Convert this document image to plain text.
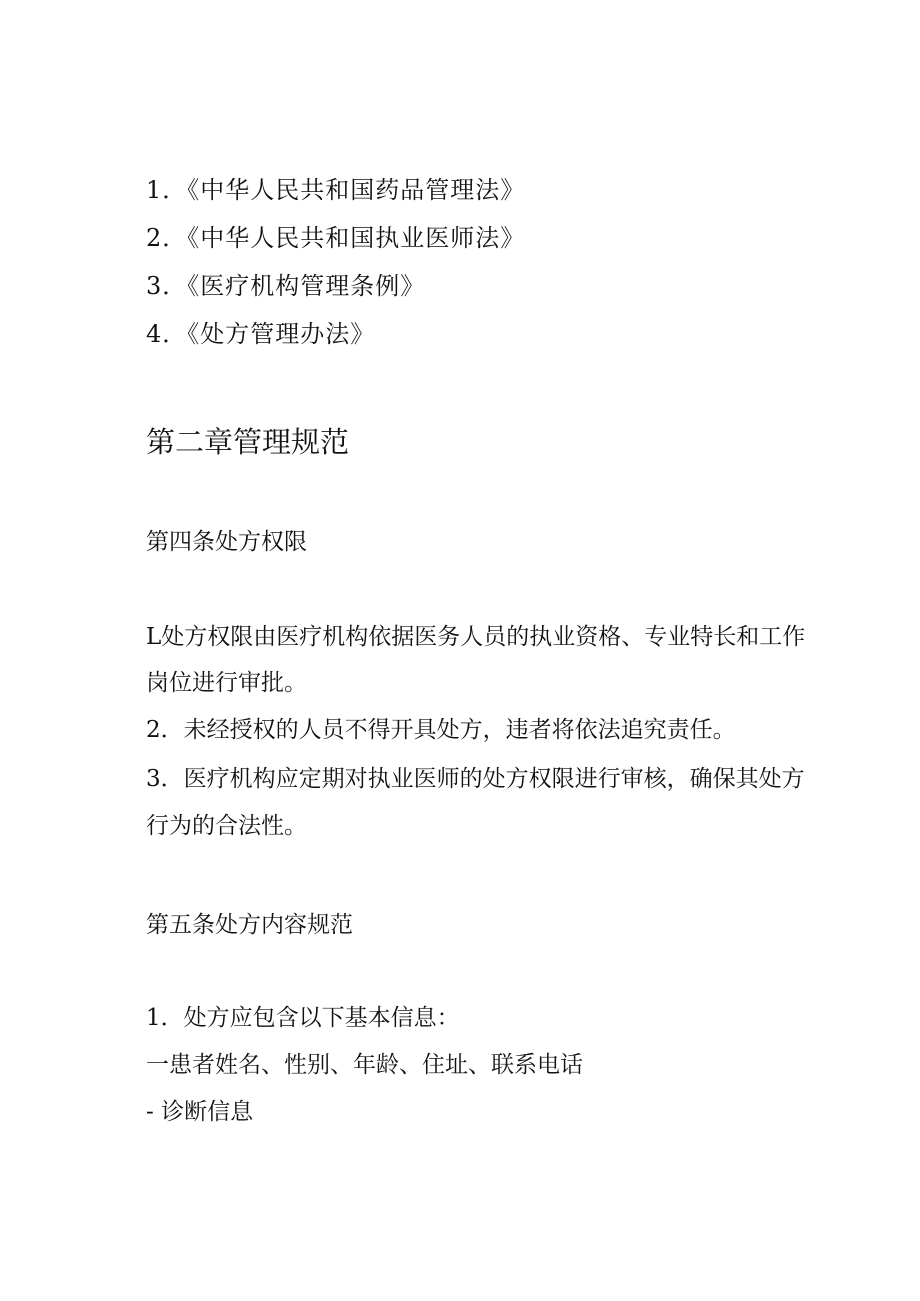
1．《中华人民共和国药品管理法》
2．《中华人民共和国执业医师法》
3．《医疗机构管理条例》
4．《处方管理办法》
第二章管理规范
第四条处方权限
L处方权限由医疗机构依据医务人员的执业资格、专业特长和工作
岗位进行审批。
2．未经授权的人员不得开具处方，违者将依法追究责任。
3．医疗机构应定期对执业医师的处方权限进行审核，确保其处方
行为的合法性。
第五条处方内容规范
1．处方应包含以下基本信息：
一患者姓名、性别、年龄、住址、联系电话
- 诊断信息
